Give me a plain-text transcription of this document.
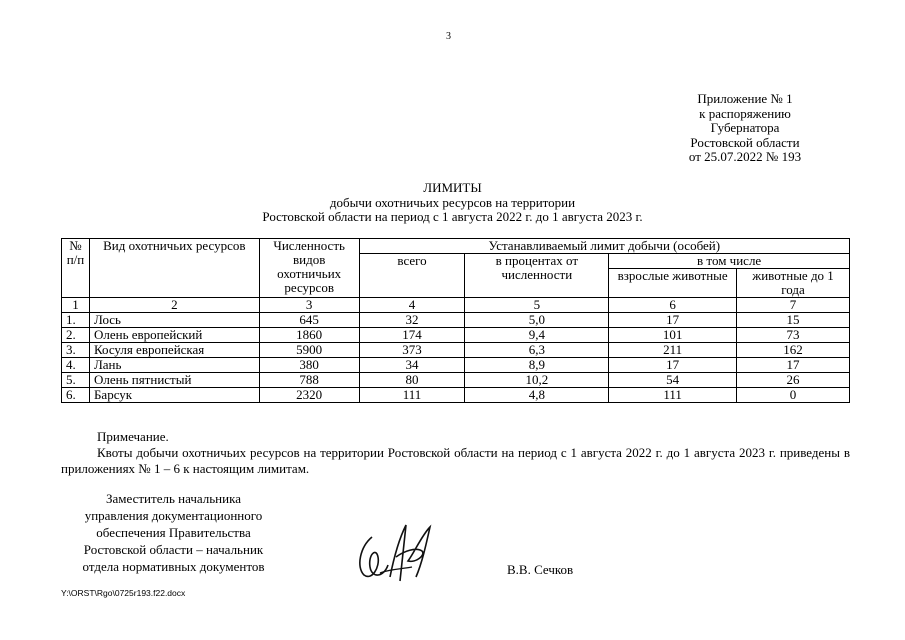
3
Приложение № 1
к распоряжению
Губернатора
Ростовской области
от 25.07.2022 № 193
ЛИМИТЫ
добычи охотничьих ресурсов на территории
Ростовской области на период с 1 августа 2022 г. до 1 августа 2023 г.
№ п/п	Вид охотничьих ресурсов	Численность видов охотничьих ресурсов	Устанавливаемый лимит добычи (особей)			
			всего	в процентах от численности	в том числе	
					взрослые животные	животные до 1 года
1	2	3	4	5	6	7
1.	Лось	645	32	5,0	17	15
2.	Олень европейский	1860	174	9,4	101	73
3.	Косуля европейская	5900	373	6,3	211	162
4.	Лань	380	34	8,9	17	17
5.	Олень пятнистый	788	80	10,2	54	26
6.	Барсук	2320	111	4,8	111	0
Примечание.
Квоты добычи охотничьих ресурсов на территории Ростовской области на период с 1 августа 2022 г. до 1 августа 2023 г. приведены в приложениях № 1 – 6 к настоящим лимитам.
Заместитель начальника
управления документационного
обеспечения Правительства
Ростовской области – начальник
отдела нормативных документов	В.В. Сечков
Y:\ORST\Rgo\0725r193.f22.docx
